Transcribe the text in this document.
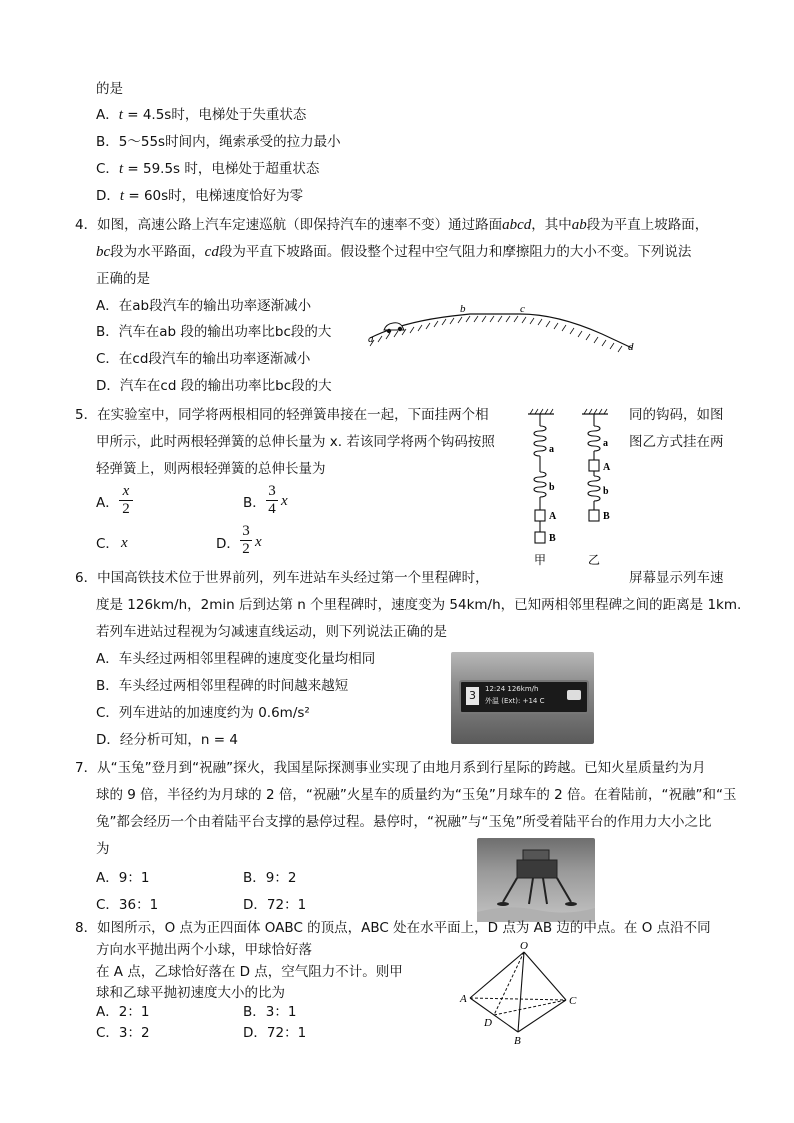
的是
A．t = 4.5s时，电梯处于失重状态
B．5～55s时间内，绳索承受的拉力最小
C．t = 59.5s 时，电梯处于超重状态
D．t = 60s时，电梯速度恰好为零
4．如图，高速公路上汽车定速巡航（即保持汽车的速率不变）通过路面abcd，其中ab段为平直上坡路面，
bc段为水平路面，cd段为平直下坡路面。假设整个过程中空气阻力和摩擦阻力的大小不变。下列说法
正确的是
A．在ab段汽车的输出功率逐渐减小
B．汽车在ab 段的输出功率比bc段的大
C．在cd段汽车的输出功率逐渐减小
D．汽车在cd 段的输出功率比bc段的大
a
b	c
d
5．在实验室中，同学将两根相同的轻弹簧串接在一起，下面挂两个相	同的钩码，如图
甲所示，此时两根轻弹簧的总伸长量为 x. 若该同学将两个钩码按照	图乙方式挂在两
轻弹簧上，则两根轻弹簧的总伸长量为
A． $\frac{x}{2}$	B． $\frac{3}{4}$ x
C． x	D． $\frac{3}{2}$ x
a
b
A
B
a
A
b
B
甲	乙
6．中国高铁技术位于世界前列，列车进站车头经过第一个里程碑时，	屏幕显示列车速
度是 126km/h，2min 后到达第 n 个里程碑时，速度变为 54km/h，已知两相邻里程碑之间的距离是 1km.
若列车进站过程视为匀减速直线运动，则下列说法正确的是
A．车头经过两相邻里程碑的速度变化量均相同
B．车头经过两相邻里程碑的时间越来越短
C．列车进站的加速度约为 0.6m/s²
D．经分析可知，n = 4
3	12:24 126km/h
外温 (Ext): +14 C
7．从“玉兔”登月到“祝融”探火，我国星际探测事业实现了由地月系到行星际的跨越。已知火星质量约为月
球的 9 倍，半径约为月球的 2 倍，“祝融”火星车的质量约为“玉兔”月球车的 2 倍。在着陆前，“祝融”和“玉
兔”都会经历一个由着陆平台支撑的悬停过程。悬停时，“祝融”与“玉兔”所受着陆平台的作用力大小之比
为
A．9：1	B．9：2
C．36：1	D．72：1
8．如图所示，O 点为正四面体 OABC 的顶点，ABC 处在水平面上，D 点为 AB 边的中点。在 O 点沿不同
方向水平抛出两个小球，甲球恰好落
在 A 点，乙球恰好落在 D 点，空气阻力不计。则甲
球和乙球平抛初速度大小的比为
A．2：1	B．3：1
C．3：2	D．72：1
O
A
B
C
D
